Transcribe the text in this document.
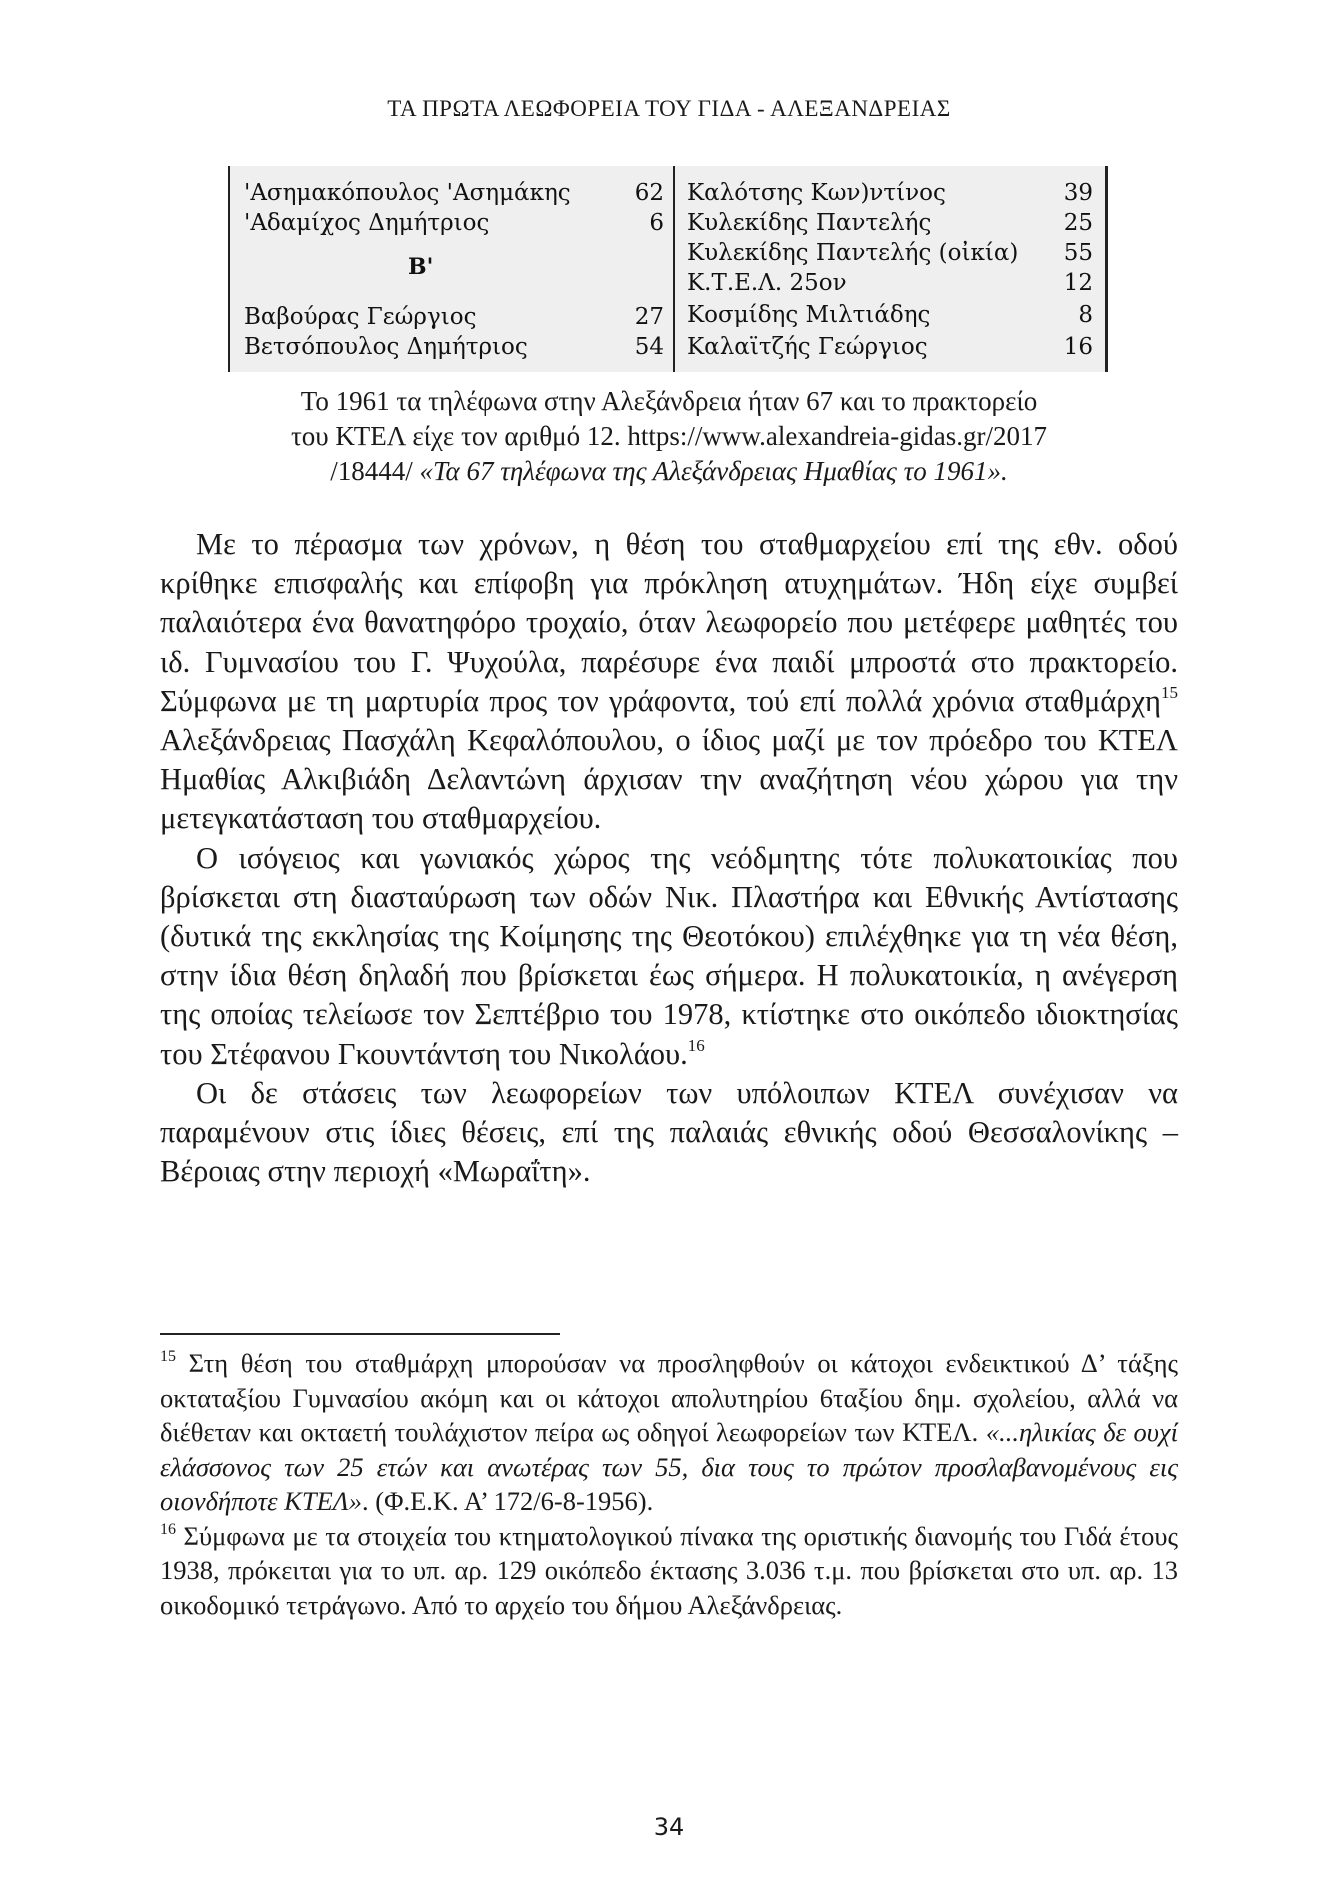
ΤΑ ΠΡΩΤΑ ΛΕΩΦΟΡΕΙΑ ΤΟΥ ΓΙΔΑ - ΑΛΕΞΑΝΔΡΕΙΑΣ
'Ασημακόπουλος 'Ασημάκης	62
'Αδαμίχος Δημήτριος	6
Β'
Βαβούρας Γεώργιος	27
Βετσόπουλος Δημήτριος	54
Καλότσης Κων)ντίνος	39
Κυλεκίδης Παντελής	25
Κυλεκίδης Παντελής (οἰκία)	55
Κ.Τ.Ε.Λ. 25ον	12
Κοσμίδης Μιλτιάδης	8
Καλαϊτζής Γεώργιος	16
Το 1961 τα τηλέφωνα στην Αλεξάνδρεια ήταν 67 και το πρακτορείο
του ΚΤΕΛ είχε τον αριθμό 12. https://www.alexandreia-gidas.gr/2017
/18444/ «Τα 67 τηλέφωνα της Αλεξάνδρειας Ημαθίας το 1961».

Με το πέρασμα των χρόνων, η θέση του σταθμαρχείου επί της εθν. οδού κρίθηκε επισφαλής και επίφοβη για πρόκληση ατυχημάτων. Ήδη είχε συμβεί παλαιότερα ένα θανατηφόρο τροχαίο, όταν λεωφορείο που μετέφερε μαθητές του ιδ. Γυμνασίου του Γ. Ψυχούλα, παρέσυρε ένα παιδί μπροστά στο πρακτορείο. Σύμφωνα με τη μαρτυρία προς τον γράφοντα, τού επί πολλά χρόνια σταθμάρχη$^{15}$ Αλεξάνδρειας Πασχάλη Κεφαλόπουλου, ο ίδιος μαζί με τον πρόεδρο του ΚΤΕΛ Ημαθίας Αλκιβιάδη Δελαντώνη άρχισαν την αναζήτηση νέου χώρου για την μετεγκατάσταση του σταθμαρχείου.

Ο ισόγειος και γωνιακός χώρος της νεόδμητης τότε πολυκατοικίας που βρίσκεται στη διασταύρωση των οδών Νικ. Πλαστήρα και Εθνικής Αντίστασης (δυτικά της εκκλησίας της Κοίμησης της Θεοτόκου) επιλέχθηκε για τη νέα θέση, στην ίδια θέση δηλαδή που βρίσκεται έως σήμερα. Η πολυκατοικία, η ανέγερση της οποίας τελείωσε τον Σεπτέβριο του 1978, κτίστηκε στο οικόπεδο ιδιοκτησίας του Στέφανου Γκουντάντση του Νικολάου.$^{16}$

Οι δε στάσεις των λεωφορείων των υπόλοιπων ΚΤΕΛ συνέχισαν να παραμένουν στις ίδιες θέσεις, επί της παλαιάς εθνικής οδού Θεσσαλονίκης – Βέροιας στην περιοχή «Μωραΐτη».

$^{15}$ Στη θέση του σταθμάρχη μπορούσαν να προσληφθούν οι κάτοχοι ενδεικτικού Δ’ τάξης οκταταξίου Γυμνασίου ακόμη και οι κάτοχοι απολυτηρίου 6ταξίου δημ. σχολείου, αλλά να διέθεταν και οκταετή τουλάχιστον πείρα ως οδηγοί λεωφορείων των ΚΤΕΛ. «...ηλικίας δε ουχί ελάσσονος των 25 ετών και ανωτέρας των 55, δια τους το πρώτον προσλαβανομένους εις οιονδήποτε ΚΤΕΛ». (Φ.Ε.Κ. Α’ 172/6-8-1956).

$^{16}$ Σύμφωνα με τα στοιχεία του κτηματολογικού πίνακα της οριστικής διανομής του Γιδά έτους 1938, πρόκειται για το υπ. αρ. 129 οικόπεδο έκτασης 3.036 τ.μ. που βρίσκεται στο υπ. αρ. 13 οικοδομικό τετράγωνο. Από το αρχείο του δήμου Αλεξάνδρειας.

34
